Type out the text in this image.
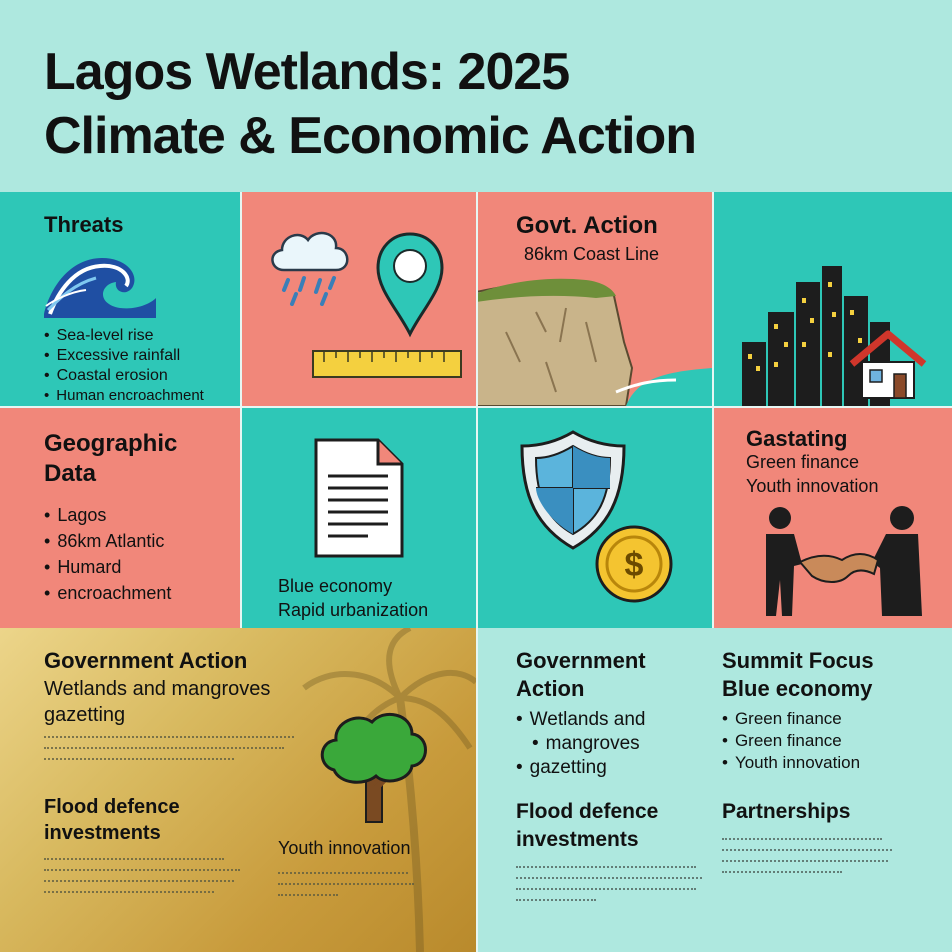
Lagos Wetlands: 2025
Climate & Economic Action
Threats
• Sea-level rise
• Excessive rainfall
• Coastal erosion
• Human encroachment
Govt. Action
86km Coast Line
Geographic
Data
• Lagos
• 86km Atlantic
• Humard
• encroachment	Blue economy
Rapid urbanization
$
Gastating
Green finance
Youth innovation
Government Action
Wetlands and mangroves
gazetting
Flood defence
investments
Youth innovation
Government
Action
• Wetlands and
• mangroves
• gazetting
Summit Focus
Blue economy
• Green finance
• Green finance
• Youth innovation
Flood defence
investments
Partnerships
